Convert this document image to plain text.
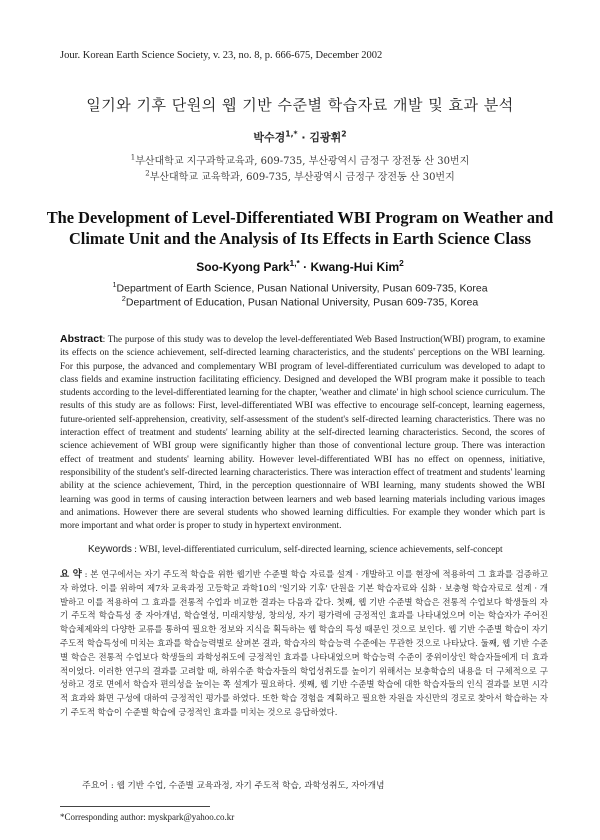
Jour. Korean Earth Science Society, v. 23, no. 8, p. 666-675, December 2002
일기와 기후 단원의 웹 기반 수준별 학습자료 개발 및 효과 분석
박수경$^{1,*}$ · 김광휘$^2$
$^1$부산대학교 지구과학교육과, 609-735, 부산광역시 금정구 장전동 산 30번지
$^2$부산대학교 교육학과, 609-735, 부산광역시 금정구 장전동 산 30번지
The Development of Level-Differentiated WBI Program on Weather and Climate Unit and the Analysis of Its Effects in Earth Science Class
Soo-Kyong Park$^{1,*}$ · Kwang-Hui Kim$^2$
$^1$Department of Earth Science, Pusan National University, Pusan 609-735, Korea
$^2$Department of Education, Pusan National University, Pusan 609-735, Korea
Abstract: The purpose of this study was to develop the level-defferentiated Web Based Instruction(WBI) program, to examine its effects on the science achievement, self-directed learning characteristics, and the students' perceptions on the WBI learning. For this purpose, the advanced and complementary WBI program of level-differentiated curriculum was developed to adapt to class fields and examine instruction facilitating efficiency. Designed and developed the WBI program make it possible to teach students according to the level-differentiated learning for the chapter, 'weather and climate' in high school science curriculum. The results of this study are as follows: First, level-differentiated WBI was effective to encourage self-concept, learning eagerness, future-oriented self-apprehension, creativity, self-assessment of the student's self-directed learning characteristics. There was no interaction effect of treatment and students' learning ability at the self-directed learning characteristics. Second, the scores of science achievement of WBI group were significantly higher than those of conventional lecture group. There was interaction effect of treatment and students' learning ability. However level-differentiated WBI has no effect on openness, initiative, responsibility of the student's self-directed learning characteristics. There was interaction effect of treatment and students' learning ability at the science achievement, Third, in the perception questionnaire of WBI learning, many students showed the WBI learning was good in terms of causing interaction between learners and web based learning materials including various images and animations. However there are several students who showed learning difficulties. For example they wonder which part is more important and what order is proper to study in hypertext environment.
Keywords : WBI, level-differentiated curriculum, self-directed learning, science achievements, self-concept
요 약 : 본 연구에서는 자기 주도적 학습을 위한 웹기반 수준별 학습 자료를 설계 · 개발하고 이를 현장에 적용하여 그 효과를 검증하고자 하였다. 이를 위하여 제7차 교육과정 고등학교 과학10의 '일기와 기후' 단원을 기본 학습자료와 심화 · 보충형 학습자료로 설계 · 개발하고 이를 적용하여 그 효과를 전통적 수업과 비교한 결과는 다음과 같다. 첫째, 웹 기반 수준별 학습은 전통적 수업보다 학생들의 자기 주도적 학습특성 중 자아개념, 학습열성, 미래지향성, 창의성, 자기 평가력에 긍정적인 효과를 나타내었으며 이는 학습자가 주어진 학습체제와의 다양한 교류를 통하여 필요한 정보와 지식을 획득하는 웹 학습의 특성 때문인 것으로 보인다. 웹 기반 수준별 학습이 자기 주도적 학습특성에 미치는 효과를 학습능력별로 살펴본 결과, 학습자의 학습능력 수준에는 무관한 것으로 나타났다. 둘째, 웹 기반 수준별 학습은 전통적 수업보다 학생들의 과학성취도에 긍정적인 효과를 나타내었으며 학습능력 수준이 중위이상인 학습자들에게 더 효과적이었다. 이러한 연구의 결과를 고려할 때, 하위수준 학습자들의 학업성취도를 높이기 위해서는 보충학습의 내용을 더 구체적으로 구성하고 경로 면에서 학습자 편의성을 높이는 쪽 설계가 필요하다. 셋째, 웹 기반 수준별 학습에 대한 학습자들의 인식 결과를 보면 시각적 효과와 화면 구성에 대하여 긍정적인 평가를 하였다. 또한 학습 경험을 계획하고 필요한 자원을 자신만의 경로로 찾아서 학습하는 자기 주도적 학습이 수준별 학습에 긍정적인 효과를 미치는 것으로 응답하였다.
주요어 : 웹 기반 수업, 수준별 교육과정, 자기 주도적 학습, 과학성취도, 자아개념
*Corresponding author: myskpark@yahoo.co.kr
